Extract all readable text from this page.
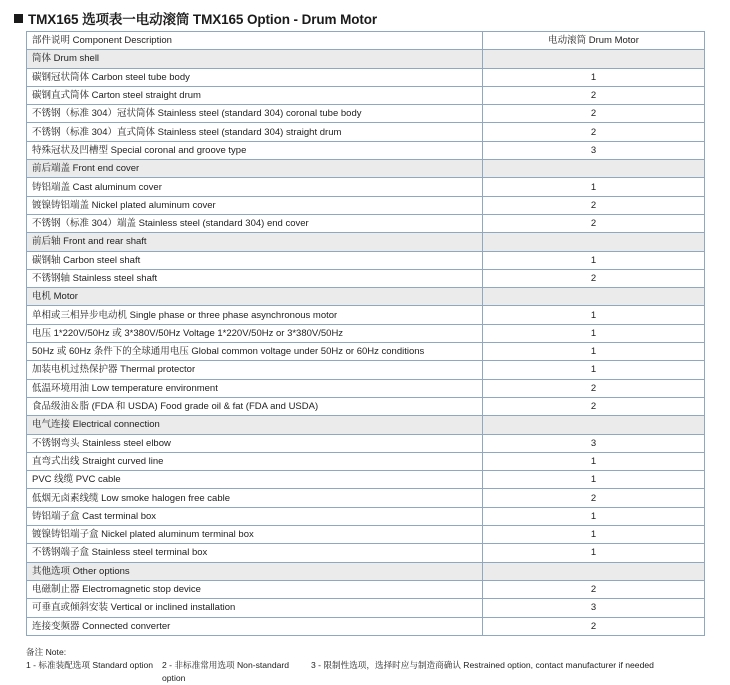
TMX165 选项表一电动滚筒 TMX165 Option - Drum Motor
部件说明 Component Description	电动滚筒 Drum Motor
筒体 Drum shell	
碳钢冠状筒体 Carbon steel tube body	1
碳钢直式筒体 Carton steel straight drum	2
不锈钢（标准 304）冠状筒体 Stainless steel (standard 304) coronal tube body	2
不锈钢（标准 304）直式筒体 Stainless steel (standard 304) straight drum	2
特殊冠状及凹槽型 Special coronal and groove type	3
前后端盖 Front end cover	
铸铝端盖 Cast aluminum cover	1
镀镍铸铝端盖 Nickel plated aluminum cover	2
不锈钢（标准 304）端盖 Stainless steel (standard 304) end cover	2
前后轴 Front and rear shaft	
碳钢轴 Carbon steel shaft	1
不锈钢轴 Stainless steel shaft	2
电机 Motor	
单相或三相异步电动机 Single phase or three phase asynchronous motor	1
电压 1*220V/50Hz 或 3*380V/50Hz Voltage 1*220V/50Hz or 3*380V/50Hz	1
50Hz 或 60Hz 条件下的全球通用电压 Global common voltage under 50Hz or 60Hz conditions	1
加装电机过热保护器 Thermal protector	1
低温环境用油 Low temperature environment	2
食品级油＆脂 (FDA 和 USDA) Food grade oil & fat (FDA and USDA)	2
电气连接 Electrical connection	
不锈钢弯头 Stainless steel elbow	3
直弯式出线 Straight curved line	1
PVC 线缆 PVC cable	1
低烟无卤素线缆 Low smoke halogen free cable	2
铸铝端子盒 Cast terminal box	1
镀镍铸铝端子盒 Nickel plated aluminum terminal box	1
不锈钢端子盒 Stainless steel terminal box	1
其他选项 Other options	
电磁制止器 Electromagnetic stop device	2
可垂直或倾斜安装 Vertical or inclined installation	3
连接变频器 Connected converter	2
备注 Note:
1 - 标准装配选项 Standard option	2 - 非标准常用选项 Non-standard option
3 - 限制性选项，选择时应与制造商确认 Restrained option, contact manufacturer if needed
